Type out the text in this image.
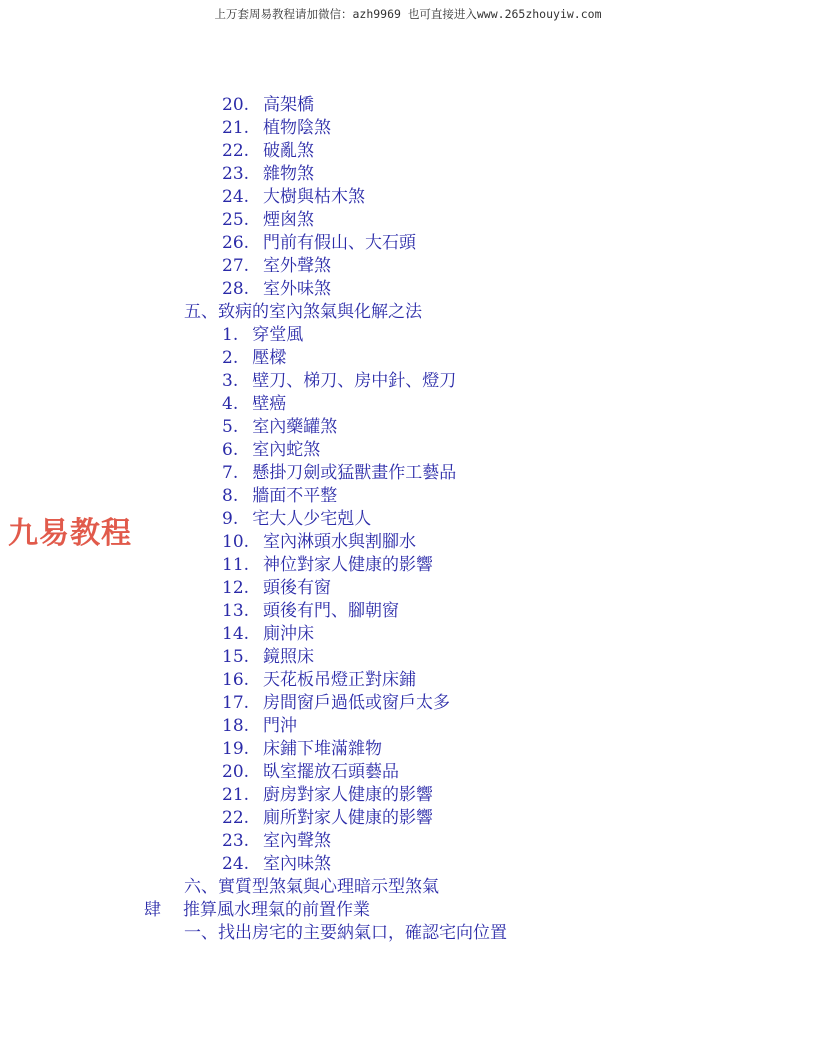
上万套周易教程请加微信：azh9969 也可直接进入www.265zhouyiw.com
九易教程
20. 高架橋
21. 植物陰煞
22. 破亂煞
23. 雜物煞
24. 大樹與枯木煞
25. 煙囪煞
26. 門前有假山、大石頭
27. 室外聲煞
28. 室外味煞
五、致病的室內煞氣與化解之法
1. 穿堂風
2. 壓樑
3. 壁刀、梯刀、房中針、燈刀
4. 壁癌
5. 室內藥罐煞
6. 室內蛇煞
7. 懸掛刀劍或猛獸畫作工藝品
8. 牆面不平整
9. 宅大人少宅剋人
10. 室內淋頭水與割腳水
11. 神位對家人健康的影響
12. 頭後有窗
13. 頭後有門、腳朝窗
14. 廁沖床
15. 鏡照床
16. 天花板吊燈正對床鋪
17. 房間窗戶過低或窗戶太多
18. 門沖
19. 床鋪下堆滿雜物
20. 臥室擺放石頭藝品
21. 廚房對家人健康的影響
22. 廁所對家人健康的影響
23. 室內聲煞
24. 室內味煞
六、實質型煞氣與心理暗示型煞氣
肆 推算風水理氣的前置作業
一、找出房宅的主要納氣口，確認宅向位置
